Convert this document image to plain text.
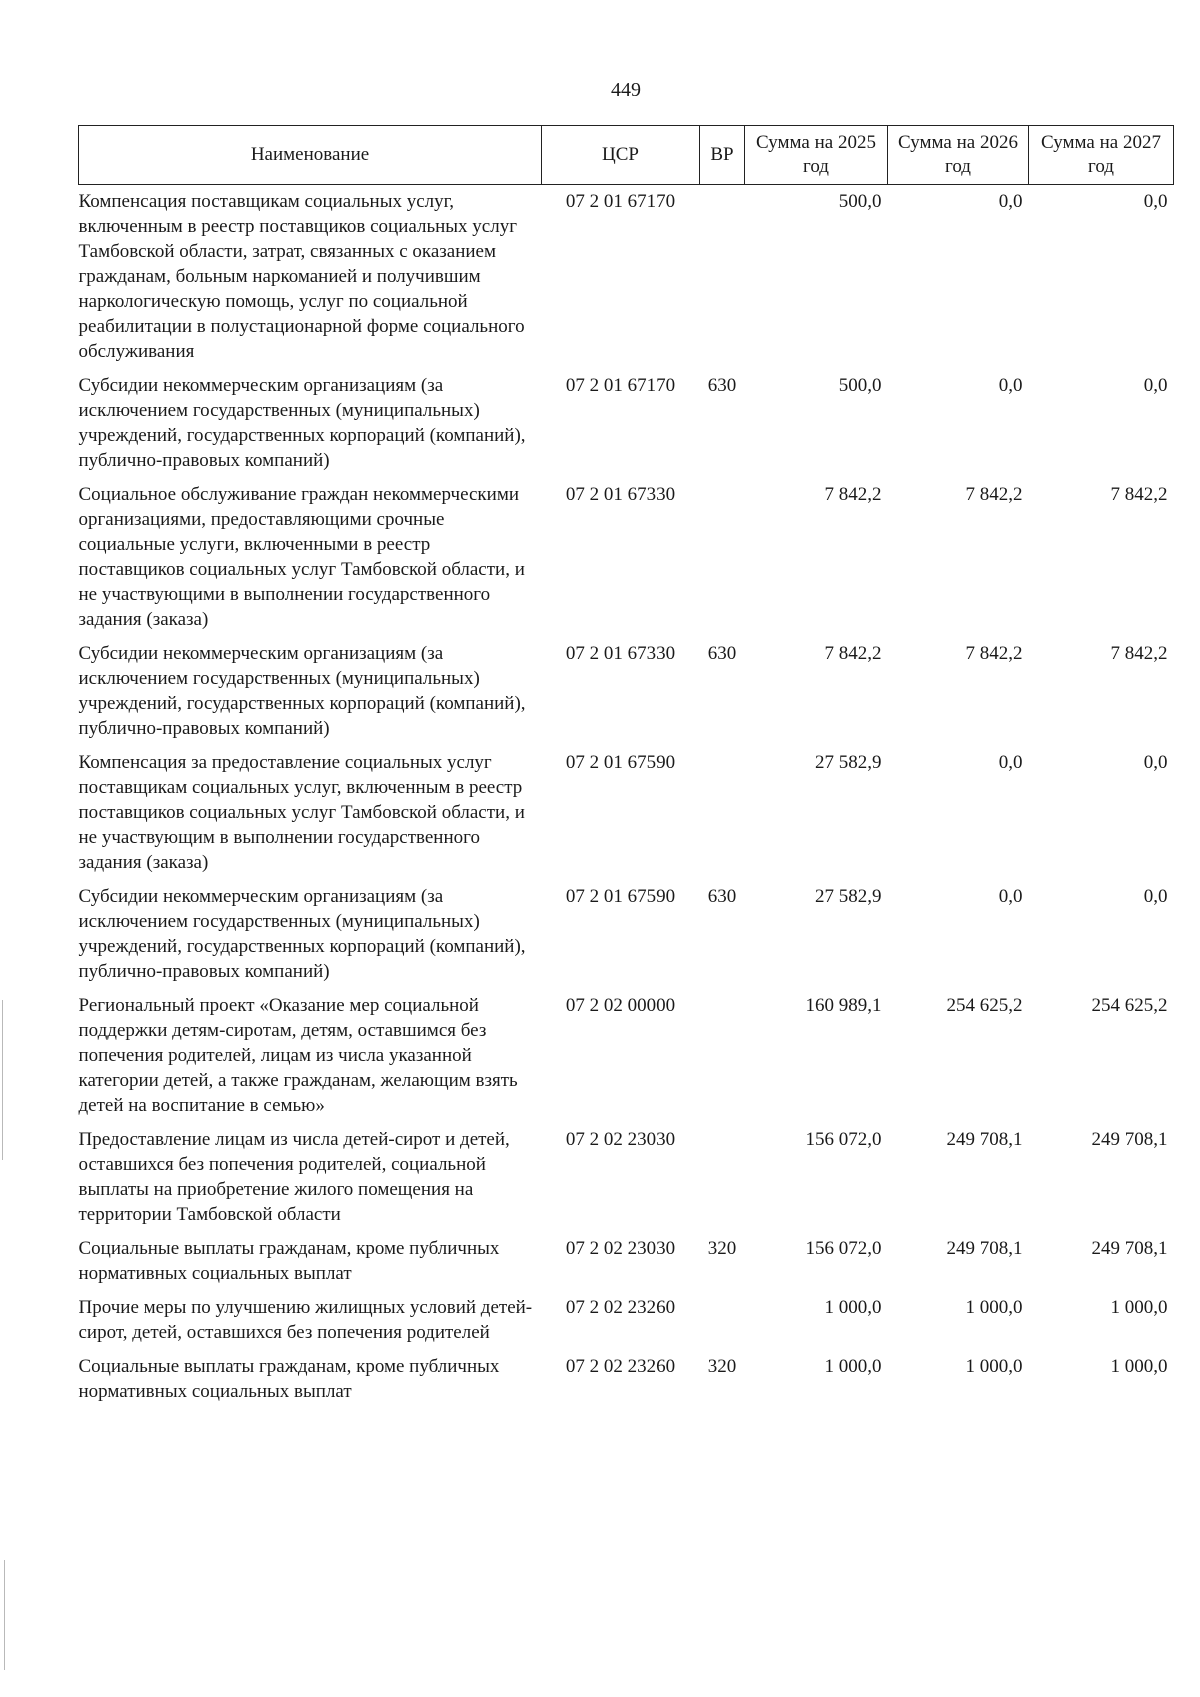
449
Наименование	ЦСР	ВР	Сумма на 2025 год	Сумма на 2026 год	Сумма на 2027 год
Компенсация поставщикам социальных услуг, включенным в реестр поставщиков социальных услуг Тамбовской области, затрат, связанных с оказанием гражданам, больным наркоманией и получившим наркологическую помощь, услуг по социальной реабилитации в полустационарной форме социального обслуживания	07 2 01 67170		500,0	0,0	0,0
Субсидии некоммерческим организациям (за исключением государственных (муниципальных) учреждений, государственных корпораций (компаний), публично-правовых компаний)	07 2 01 67170	630	500,0	0,0	0,0
Социальное обслуживание граждан некоммерческими организациями, предоставляющими срочные социальные услуги, включенными в реестр поставщиков социальных услуг Тамбовской области, и не участвующими в выполнении государственного задания (заказа)	07 2 01 67330		7 842,2	7 842,2	7 842,2
Субсидии некоммерческим организациям (за исключением государственных (муниципальных) учреждений, государственных корпораций (компаний), публично-правовых компаний)	07 2 01 67330	630	7 842,2	7 842,2	7 842,2
Компенсация за предоставление социальных услуг поставщикам социальных услуг, включенным в реестр поставщиков социальных услуг Тамбовской области, и не участвующим в выполнении государственного задания (заказа)	07 2 01 67590		27 582,9	0,0	0,0
Субсидии некоммерческим организациям (за исключением государственных (муниципальных) учреждений, государственных корпораций (компаний), публично-правовых компаний)	07 2 01 67590	630	27 582,9	0,0	0,0
Региональный проект «Оказание мер социальной поддержки детям-сиротам, детям, оставшимся без попечения родителей, лицам из числа указанной категории детей, а также гражданам, желающим взять детей на воспитание в семью»	07 2 02 00000		160 989,1	254 625,2	254 625,2
Предоставление лицам из числа детей-сирот и детей, оставшихся без попечения родителей, социальной выплаты на приобретение жилого помещения на территории Тамбовской области	07 2 02 23030		156 072,0	249 708,1	249 708,1
Социальные выплаты гражданам, кроме публичных нормативных социальных выплат	07 2 02 23030	320	156 072,0	249 708,1	249 708,1
Прочие меры по улучшению жилищных условий детей-сирот, детей, оставшихся без попечения родителей	07 2 02 23260		1 000,0	1 000,0	1 000,0
Социальные выплаты гражданам, кроме публичных нормативных социальных выплат	07 2 02 23260	320	1 000,0	1 000,0	1 000,0
